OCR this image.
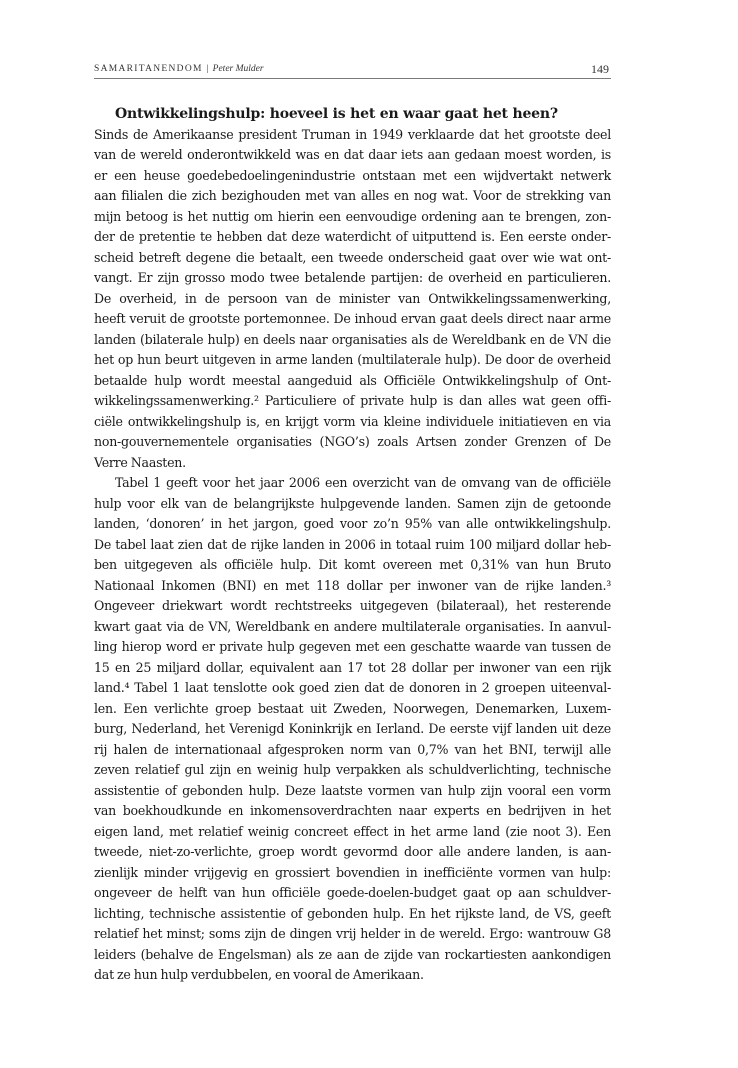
SAMARITANENDOM | Peter Mulder	149
Ontwikkelingshulp: hoeveel is het en waar gaat het heen?
Sinds de Amerikaanse president Truman in 1949 verklaarde dat het grootste deel
van de wereld onderontwikkeld was en dat daar iets aan gedaan moest worden, is
er een heuse goedebedoelingenindustrie ontstaan met een wijdvertakt netwerk
aan filialen die zich bezighouden met van alles en nog wat. Voor de strekking van
mijn betoog is het nuttig om hierin een eenvoudige ordening aan te brengen, zon-
der de pretentie te hebben dat deze waterdicht of uitputtend is. Een eerste onder-
scheid betreft degene die betaalt, een tweede onderscheid gaat over wie wat ont-
vangt. Er zijn grosso modo twee betalende partijen: de overheid en particulieren.
De overheid, in de persoon van de minister van Ontwikkelingssamenwerking,
heeft veruit de grootste portemonnee. De inhoud ervan gaat deels direct naar arme
landen (bilaterale hulp) en deels naar organisaties als de Wereldbank en de VN die
het op hun beurt uitgeven in arme landen (multilaterale hulp). De door de overheid
betaalde hulp wordt meestal aangeduid als Officiële Ontwikkelingshulp of Ont-
wikkelingssamenwerking.² Particuliere of private hulp is dan alles wat geen offi-
ciële ontwikkelingshulp is, en krijgt vorm via kleine individuele initiatieven en via
non-gouvernementele organisaties (NGO’s) zoals Artsen zonder Grenzen of De
Verre Naasten.
Tabel 1 geeft voor het jaar 2006 een overzicht van de omvang van de officiële
hulp voor elk van de belangrijkste hulpgevende landen. Samen zijn de getoonde
landen, ‘donoren’ in het jargon, goed voor zo’n 95% van alle ontwikkelingshulp.
De tabel laat zien dat de rijke landen in 2006 in totaal ruim 100 miljard dollar heb-
ben uitgegeven als officiële hulp. Dit komt overeen met 0,31% van hun Bruto
Nationaal Inkomen (BNI) en met 118 dollar per inwoner van de rijke landen.³
Ongeveer driekwart wordt rechtstreeks uitgegeven (bilateraal), het resterende
kwart gaat via de VN, Wereldbank en andere multilaterale organisaties. In aanvul-
ling hierop word er private hulp gegeven met een geschatte waarde van tussen de
15 en 25 miljard dollar, equivalent aan 17 tot 28 dollar per inwoner van een rijk
land.⁴ Tabel 1 laat tenslotte ook goed zien dat de donoren in 2 groepen uiteenval-
len. Een verlichte groep bestaat uit Zweden, Noorwegen, Denemarken, Luxem-
burg, Nederland, het Verenigd Koninkrijk en Ierland. De eerste vijf landen uit deze
rij halen de internationaal afgesproken norm van 0,7% van het BNI, terwijl alle
zeven relatief gul zijn en weinig hulp verpakken als schuldverlichting, technische
assistentie of gebonden hulp. Deze laatste vormen van hulp zijn vooral een vorm
van boekhoudkunde en inkomensoverdrachten naar experts en bedrijven in het
eigen land, met relatief weinig concreet effect in het arme land (zie noot 3). Een
tweede, niet-zo-verlichte, groep wordt gevormd door alle andere landen, is aan-
zienlijk minder vrijgevig en grossiert bovendien in inefficiënte vormen van hulp:
ongeveer de helft van hun officiële goede-doelen-budget gaat op aan schuldver-
lichting, technische assistentie of gebonden hulp. En het rijkste land, de VS, geeft
relatief het minst; soms zijn de dingen vrij helder in de wereld. Ergo: wantrouw G8
leiders (behalve de Engelsman) als ze aan de zijde van rockartiesten aankondigen
dat ze hun hulp verdubbelen, en vooral de Amerikaan.
